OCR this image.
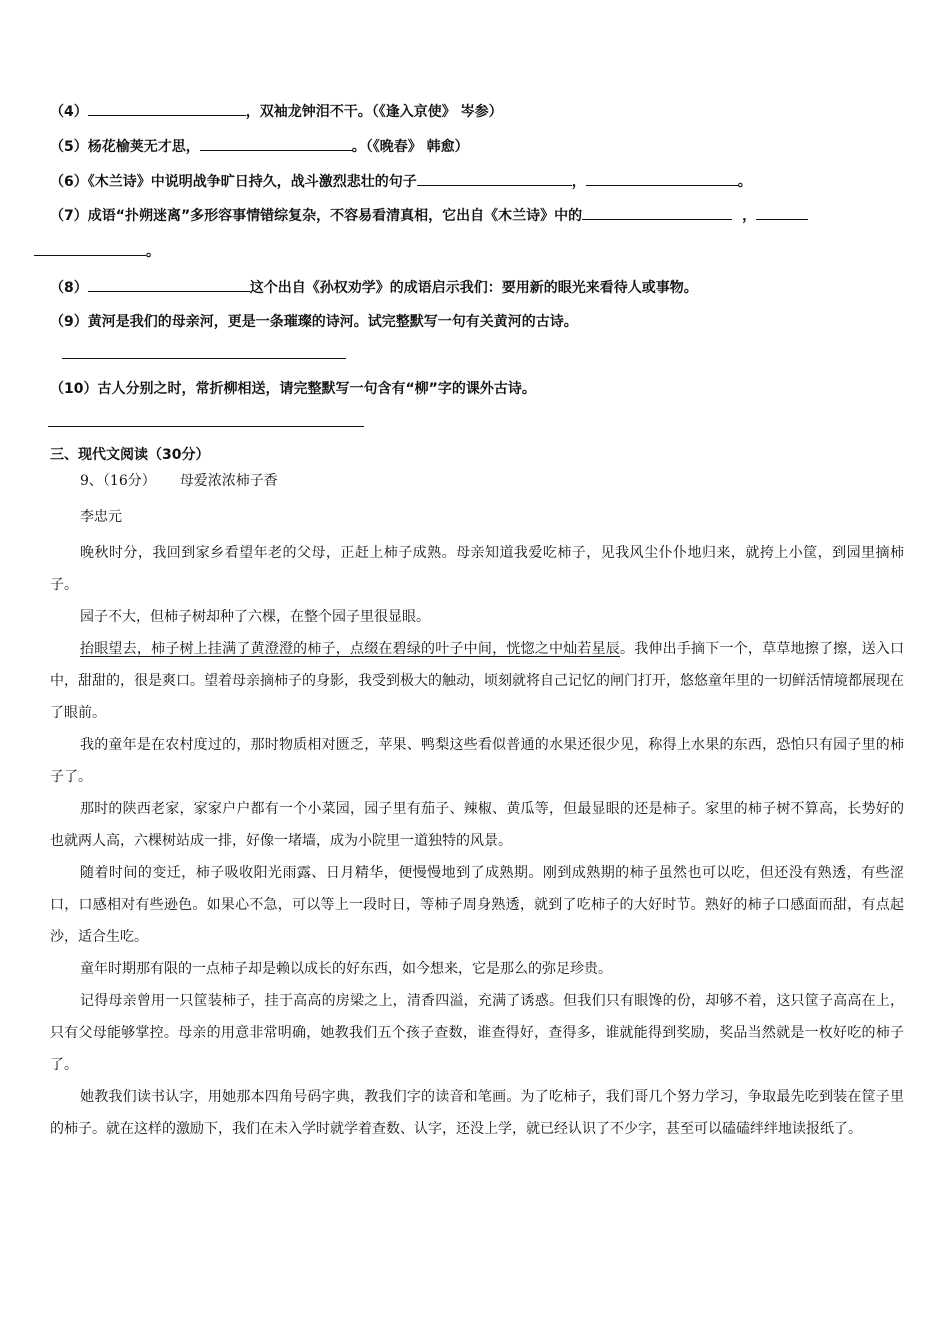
（4）	，双袖龙钟泪不干。（《逢入京使》 岑参）
（5）杨花榆荚无才思，	。（《晚春》 韩愈）
（6）《木兰诗》中说明战争旷日持久，战斗激烈悲壮的句子	，	。
（7）成语“扑朔迷离”多形容事情错综复杂，不容易看清真相，它出自《木兰诗》中的	，
。
（8）	这个出自《孙权劝学》的成语启示我们：要用新的眼光来看待人或事物。
（9）黄河是我们的母亲河，更是一条璀璨的诗河。试完整默写一句有关黄河的古诗。
（10）古人分别之时，常折柳相送，请完整默写一句含有“柳”字的课外古诗。
三、现代文阅读（30分）
9、（16分） 母爱浓浓柿子香
李忠元

晚秋时分，我回到家乡看望年老的父母，正赶上柿子成熟。母亲知道我爱吃柿子，见我风尘仆仆地归来，就挎上小筐，到园里摘柿子。

园子不大，但柿子树却种了六棵，在整个园子里很显眼。

抬眼望去，柿子树上挂满了黄澄澄的柿子，点缀在碧绿的叶子中间，恍惚之中灿若星辰。我伸出手摘下一个，草草地擦了擦，送入口中，甜甜的，很是爽口。望着母亲摘柿子的身影，我受到极大的触动，顷刻就将自己记忆的闸门打开，悠悠童年里的一切鲜活情境都展现在了眼前。

我的童年是在农村度过的，那时物质相对匮乏，苹果、鸭梨这些看似普通的水果还很少见，称得上水果的东西，恐怕只有园子里的柿子了。

那时的陕西老家，家家户户都有一个小菜园，园子里有茄子、辣椒、黄瓜等，但最显眼的还是柿子。家里的柿子树不算高，长势好的也就两人高，六棵树站成一排，好像一堵墙，成为小院里一道独特的风景。

随着时间的变迁，柿子吸收阳光雨露、日月精华，便慢慢地到了成熟期。刚到成熟期的柿子虽然也可以吃，但还没有熟透，有些涩口，口感相对有些逊色。如果心不急，可以等上一段时日，等柿子周身熟透，就到了吃柿子的大好时节。熟好的柿子口感面而甜，有点起沙，适合生吃。

童年时期那有限的一点柿子却是赖以成长的好东西，如今想来，它是那么的弥足珍贵。

记得母亲曾用一只筐装柿子，挂于高高的房梁之上，清香四溢，充满了诱惑。但我们只有眼馋的份，却够不着，这只筐子高高在上，只有父母能够掌控。母亲的用意非常明确，她教我们五个孩子查数，谁查得好，查得多，谁就能得到奖励，奖品当然就是一枚好吃的柿子了。

她教我们读书认字，用她那本四角号码字典，教我们字的读音和笔画。为了吃柿子，我们哥几个努力学习，争取最先吃到装在筐子里的柿子。就在这样的激励下，我们在未入学时就学着查数、认字，还没上学，就已经认识了不少字，甚至可以磕磕绊绊地读报纸了。
